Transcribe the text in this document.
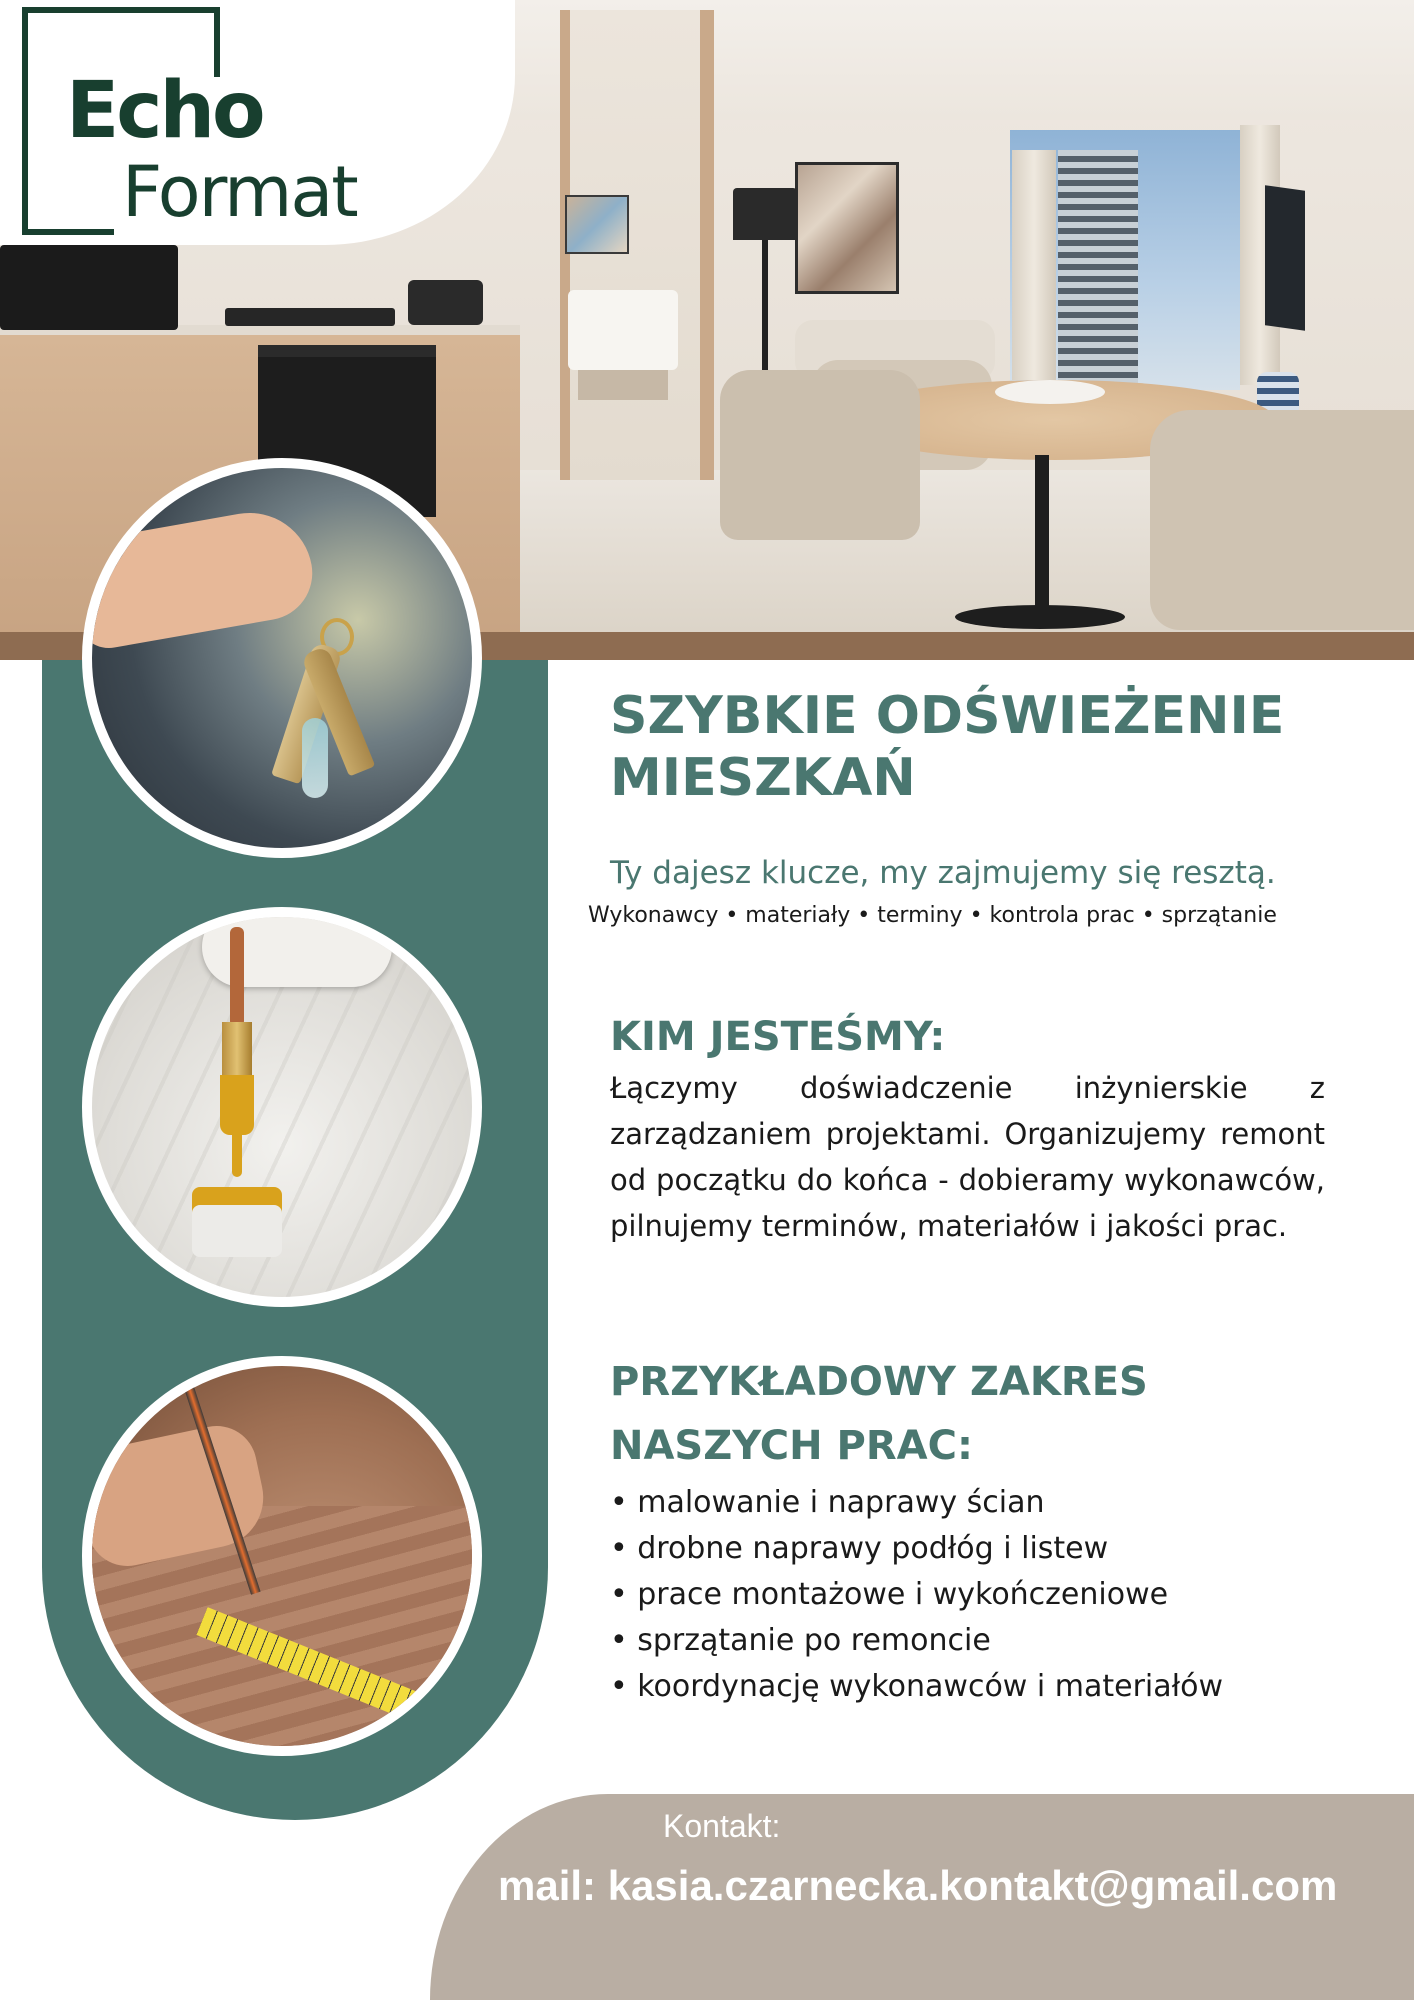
Echo
Format
SZYBKIE ODŚWIEŻENIE
MIESZKAŃ
Ty dajesz klucze, my zajmujemy się resztą.
Wykonawcy • materiały • terminy • kontrola prac • sprzątanie
KIM JESTEŚMY:

Łączymy doświadczenie inżynierskie z zarządzaniem projektami. Organizujemy remont od początku do końca - dobieramy wykonawców, pilnujemy terminów, materiałów i jakości prac.

PRZYKŁADOWY ZAKRES
NASZYCH PRAC:
• malowanie i naprawy ścian
• drobne naprawy podłóg i listew
• prace montażowe i wykończeniowe
• sprzątanie po remoncie
• koordynację wykonawców i materiałów
Kontakt:
mail: kasia.czarnecka.kontakt@gmail.com
